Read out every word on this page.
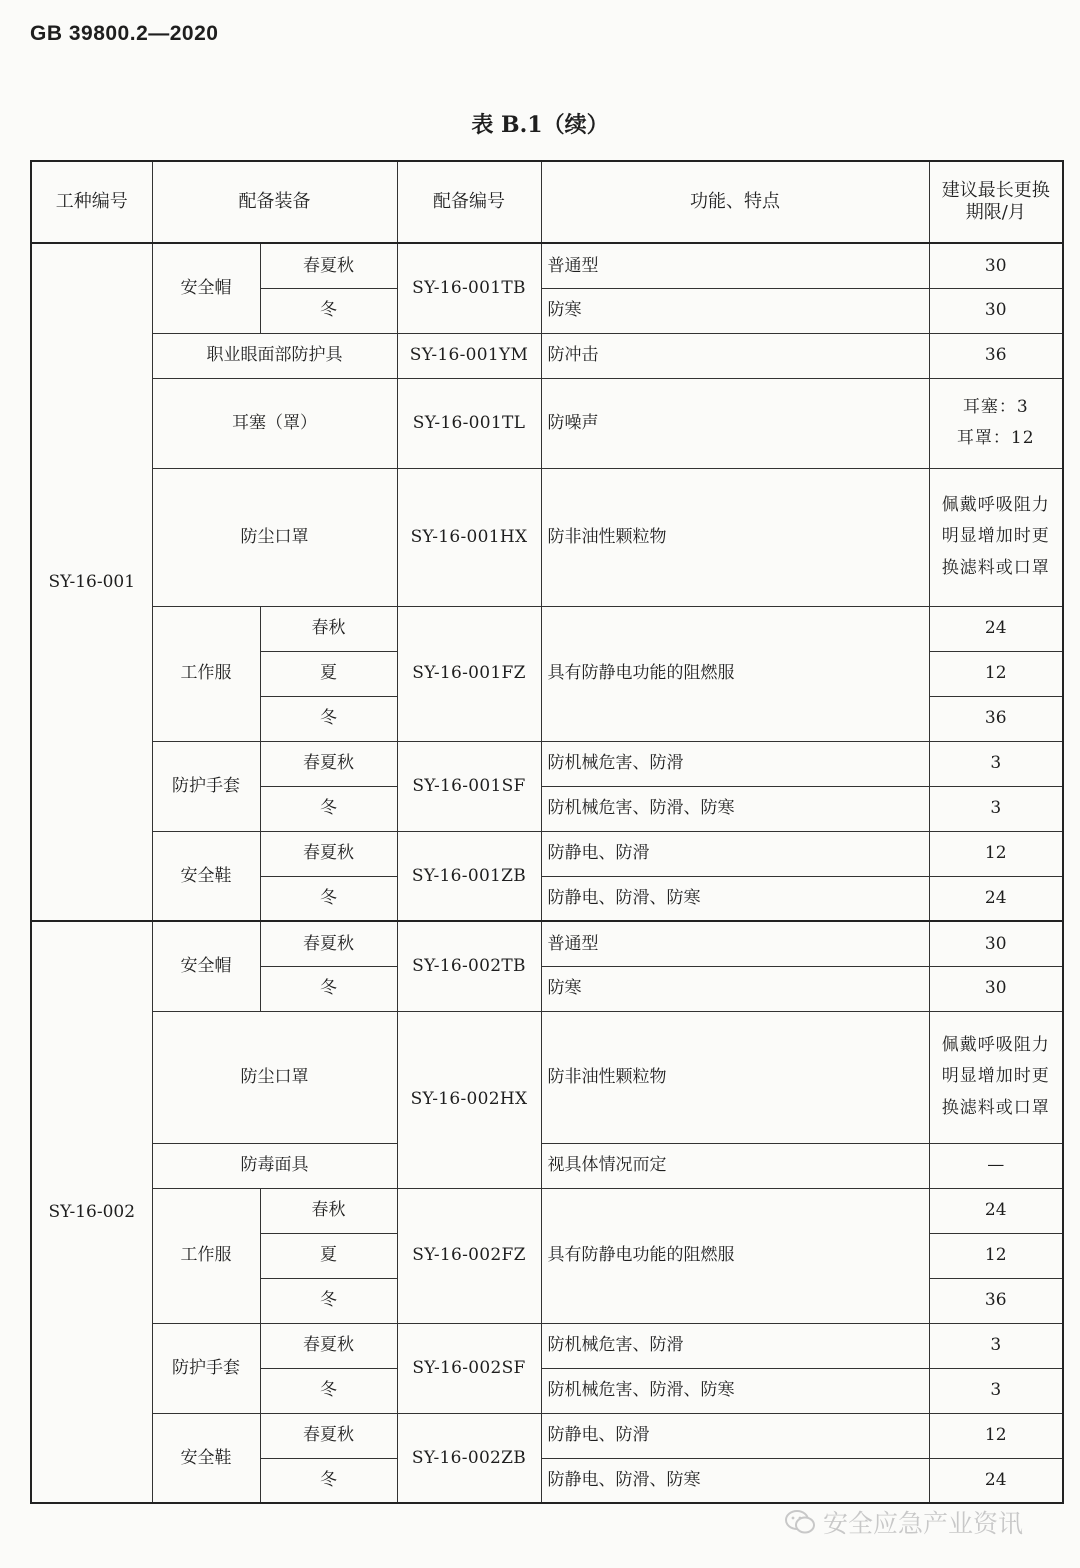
GB 39800.2—2020
表 B.1（续）
工种编号	配备装备		配备编号	功能、特点	建议最长更换期限/月
SY-16-001	安全帽	春夏秋	SY-16-001TB	普通型	30
		冬		防寒	30
	职业眼面部防护具		SY-16-001YM	防冲击	36
	耳塞（罩）		SY-16-001TL	防噪声	耳塞：3
耳罩：12
	防尘口罩		SY-16-001HX	防非油性颗粒物	佩戴呼吸阻力明显增加时更换滤料或口罩
	工作服	春秋	SY-16-001FZ	具有防静电功能的阻燃服	24
		夏			12
		冬			36
	防护手套	春夏秋	SY-16-001SF	防机械危害、防滑	3
		冬		防机械危害、防滑、防寒	3
	安全鞋	春夏秋	SY-16-001ZB	防静电、防滑	12
		冬		防静电、防滑、防寒	24
SY-16-002	安全帽	春夏秋	SY-16-002TB	普通型	30
		冬		防寒	30
	防尘口罩		SY-16-002HX	防非油性颗粒物	佩戴呼吸阻力明显增加时更换滤料或口罩
	防毒面具			视具体情况而定	—
	工作服	春秋	SY-16-002FZ	具有防静电功能的阻燃服	24
		夏			12
		冬			36
	防护手套	春夏秋	SY-16-002SF	防机械危害、防滑	3
		冬		防机械危害、防滑、防寒	3
	安全鞋	春夏秋	SY-16-002ZB	防静电、防滑	12
		冬		防静电、防滑、防寒	24
安全应急产业资讯
